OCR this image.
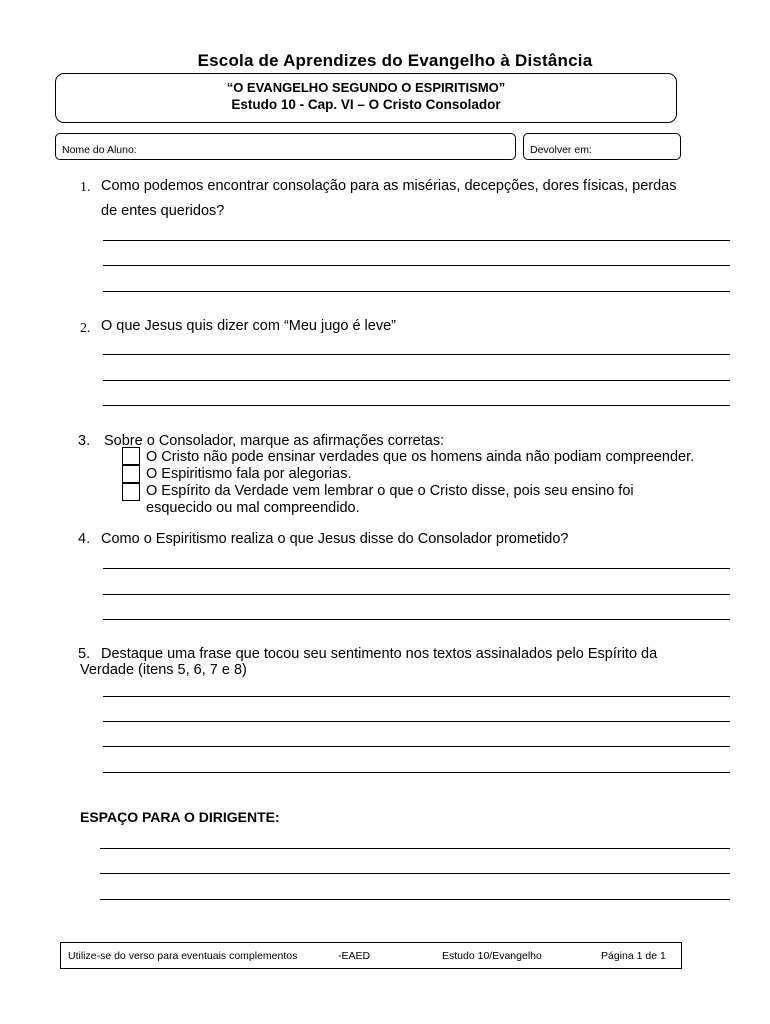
Escola de Aprendizes do Evangelho à Distância
“O EVANGELHO SEGUNDO O ESPIRITISMO”
Estudo 10 - Cap. VI – O Cristo Consolador
Nome do Aluno:	Devolver em:
1. Como podemos encontrar consolação para as misérias, decepções, dores físicas, perdas
de entes queridos?
2. O que Jesus quis dizer com “Meu jugo é leve”
3. Sobre o Consolador, marque as afirmações corretas:
O Cristo não pode ensinar verdades que os homens ainda não podiam compreender.
O Espiritismo fala por alegorias.
O Espírito da Verdade vem lembrar o que o Cristo disse, pois seu ensino foi
esquecido ou mal compreendido.
4. Como o Espiritismo realiza o que Jesus disse do Consolador prometido?
5. Destaque uma frase que tocou seu sentimento nos textos assinalados pelo Espírito da
Verdade (itens 5, 6, 7 e 8)
ESPAÇO PARA O DIRIGENTE:
Utilize-se do verso para eventuais complementos	-EAED	Estudo 10/Evangelho	Página 1 de 1
